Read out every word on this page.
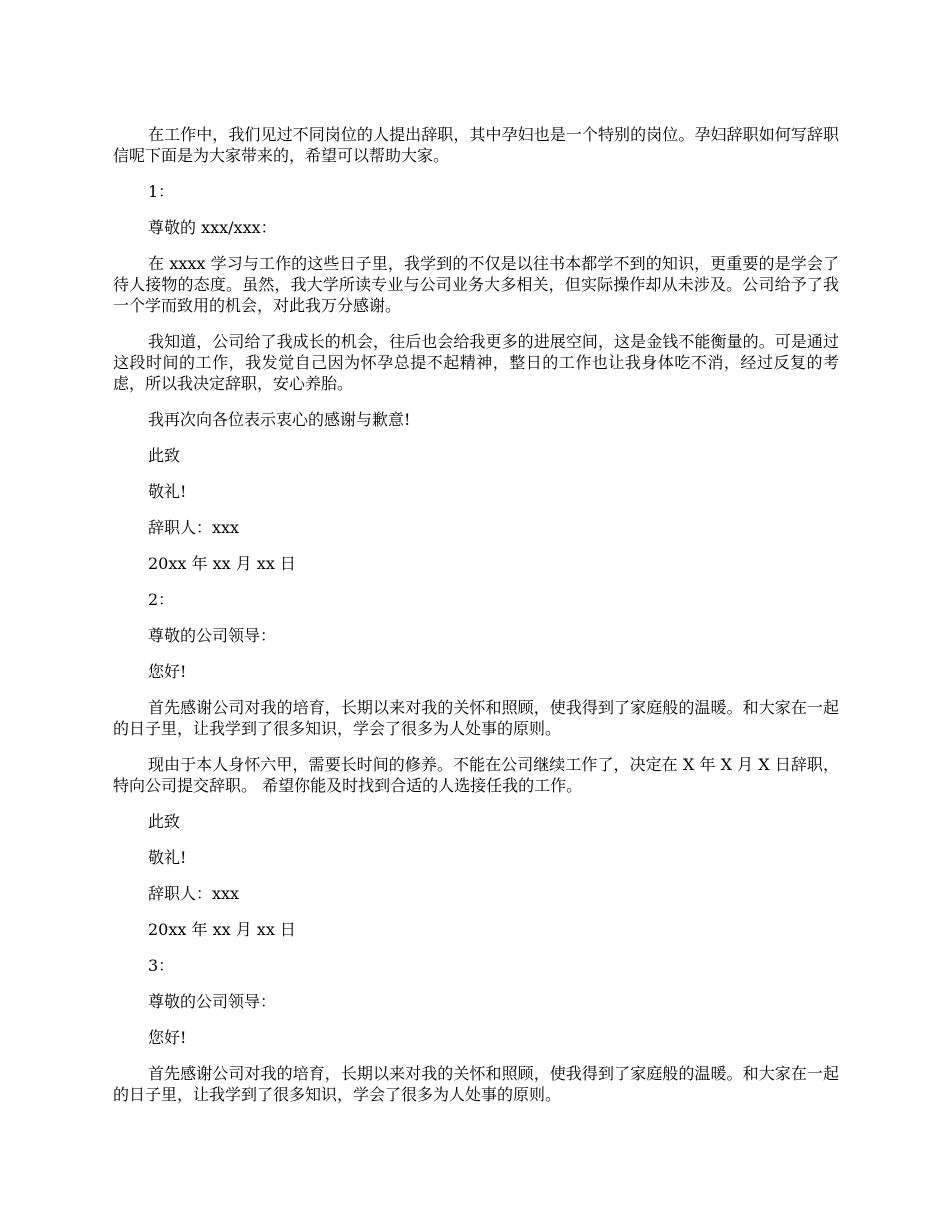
在工作中，我们见过不同岗位的人提出辞职，其中孕妇也是一个特别的岗位。孕妇辞职如何写辞职信呢下面是为大家带来的，希望可以帮助大家。

1：

尊敬的 xxx/xxx：

在 xxxx 学习与工作的这些日子里，我学到的不仅是以往书本都学不到的知识，更重要的是学会了待人接物的态度。虽然，我大学所读专业与公司业务大多相关，但实际操作却从未涉及。公司给予了我一个学而致用的机会，对此我万分感谢。

我知道，公司给了我成长的机会，往后也会给我更多的进展空间，这是金钱不能衡量的。可是通过这段时间的工作，我发觉自己因为怀孕总提不起精神，整日的工作也让我身体吃不消，经过反复的考虑，所以我决定辞职，安心养胎。

我再次向各位表示衷心的感谢与歉意!

此致

敬礼!

辞职人：xxx

20xx 年 xx 月 xx 日

2：

尊敬的公司领导：

您好!

首先感谢公司对我的培育，长期以来对我的关怀和照顾，使我得到了家庭般的温暖。和大家在一起的日子里，让我学到了很多知识，学会了很多为人处事的原则。

现由于本人身怀六甲，需要长时间的修养。不能在公司继续工作了，决定在 X 年 X 月 X 日辞职，特向公司提交辞职。 希望你能及时找到合适的人选接任我的工作。

此致

敬礼!

辞职人：xxx

20xx 年 xx 月 xx 日

3：

尊敬的公司领导：

您好!

首先感谢公司对我的培育，长期以来对我的关怀和照顾，使我得到了家庭般的温暖。和大家在一起的日子里，让我学到了很多知识，学会了很多为人处事的原则。
